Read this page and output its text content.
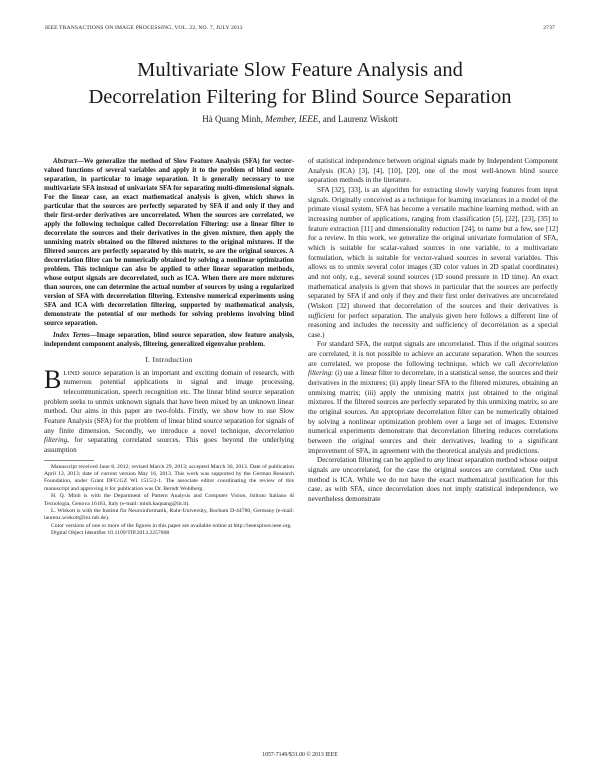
IEEE TRANSACTIONS ON IMAGE PROCESSING, VOL. 22, NO. 7, JULY 2013	2737
Multivariate Slow Feature Analysis and
Decorrelation Filtering for Blind Source Separation
Hà Quang Minh, Member, IEEE, and Laurenz Wiskott

Abstract—We generalize the method of Slow Feature Analysis (SFA) for vector-valued functions of several variables and apply it to the problem of blind source separation, in particular to image separation. It is generally necessary to use multivariate SFA instead of univariate SFA for separating multi-dimensional signals. For the linear case, an exact mathematical analysis is given, which shows in particular that the sources are perfectly separated by SFA if and only if they and their first-order derivatives are uncorrelated. When the sources are correlated, we apply the following technique called Decorrelation Filtering: use a linear filter to decorrelate the sources and their derivatives in the given mixture, then apply the unmixing matrix obtained on the filtered mixtures to the original mixtures. If the filtered sources are perfectly separated by this matrix, so are the original sources. A decorrelation filter can be numerically obtained by solving a nonlinear optimization problem. This technique can also be applied to other linear separation methods, whose output signals are decorrelated, such as ICA. When there are more mixtures than sources, one can determine the actual number of sources by using a regularized version of SFA with decorrelation filtering. Extensive numerical experiments using SFA and ICA with decorrelation filtering, supported by mathematical analysis, demonstrate the potential of our methods for solving problems involving blind source separation.

Index Terms—Image separation, blind source separation, slow feature analysis, independent component analysis, filtering, generalized eigenvalue problem.

I. Introduction

BLIND source separation is an important and exciting domain of research, with numerous potential applications in signal and image processing, telecommunication, speech recognition etc. The linear blind source separation problem seeks to unmix unknown signals that have been mixed by an unknown linear method. Our aims in this paper are two-folds. Firstly, we show how to use Slow Feature Analysis (SFA) for the problem of linear blind source separation for signals of any finite dimension. Secondly, we introduce a novel technique, decorrelation filtering, for separating correlated sources. This goes beyond the underlying assumption

Manuscript received June 8, 2012; revised March 29, 2013; accepted March 30, 2013. Date of publication April 12, 2013; date of current version May 16, 2013. This work was supported by the German Research Foundation, under Grant DFG:GZ WI 1515/2-1. The associate editor coordinating the review of this manuscript and approving it for publication was Dr. Berndt Wohlberg.

H. Q. Minh is with the Department of Pattern Analysis and Computer Vision, Istituto Italiano di Tecnologia, Genova 16163, Italy (e-mail: minh.haquang@iit.it).

L. Wiskott is with the Institut für Neuroinformatik, Ruhr-University, Bochum D-44780, Germany (e-mail: laurenz.wiskott@ini.rub.de).

Color versions of one or more of the figures in this paper are available online at http://ieeexplore.ieee.org.

Digital Object Identifier 10.1109/TIP.2013.2257808

of statistical independence between original signals made by Independent Component Analysis (ICA) [3], [4], [10], [20], one of the most well-known blind source separation methods in the literature.

SFA [32], [33], is an algorithm for extracting slowly varying features from input signals. Originally conceived as a technique for learning invariances in a model of the primate visual system, SFA has become a versatile machine learning method, with an increasing number of applications, ranging from classification [5], [22], [23], [35] to feature extraction [11] and dimensionality reduction [24], to name but a few, see [12] for a review. In this work, we generalize the original univariate formulation of SFA, which is suitable for scalar-valued sources in one variable, to a multivariate formulation, which is suitable for vector-valued sources in several variables. This allows us to unmix several color images (3D color values in 2D spatial coordinates) and not only, e.g., several sound sources (1D sound pressure in 1D time). An exact mathematical analysis is given that shows in particular that the sources are perfectly separated by SFA if and only if they and their first order derivatives are uncorrelated (Wiskott [32] showed that decorrelation of the sources and their derivatives is sufficient for perfect separation. The analysis given here follows a different line of reasoning and includes the necessity and sufficiency of decorrelation as a special case.)

For standard SFA, the output signals are uncorrelated. Thus if the original sources are correlated, it is not possible to achieve an accurate separation. When the sources are correlated, we propose the following technique, which we call decorrelation filtering: (i) use a linear filter to decorrelate, in a statistical sense, the sources and their derivatives in the mixtures; (ii) apply linear SFA to the filtered mixtures, obtaining an unmixing matrix; (iii) apply the unmixing matrix just obtained to the original mixtures. If the filtered sources are perfectly separated by this unmixing matrix, so are the original sources. An appropriate decorrelation filter can be numerically obtained by solving a nonlinear optimization problem over a large set of images. Extensive numerical experiments demonstrate that decorrelation filtering reduces correlations between the original sources and their derivatives, leading to a significant improvement of SFA, in agreement with the theoretical analysis and predictions.

Decorrelation filtering can be applied to any linear separation method whose output signals are uncorrelated, for the case the original sources are correlated. One such method is ICA. While we do not have the exact mathematical justification for this case, as with SFA, since decorrelation does not imply statistical independence, we nevertheless demonstrate

1057-7149/$31.00 © 2013 IEEE
